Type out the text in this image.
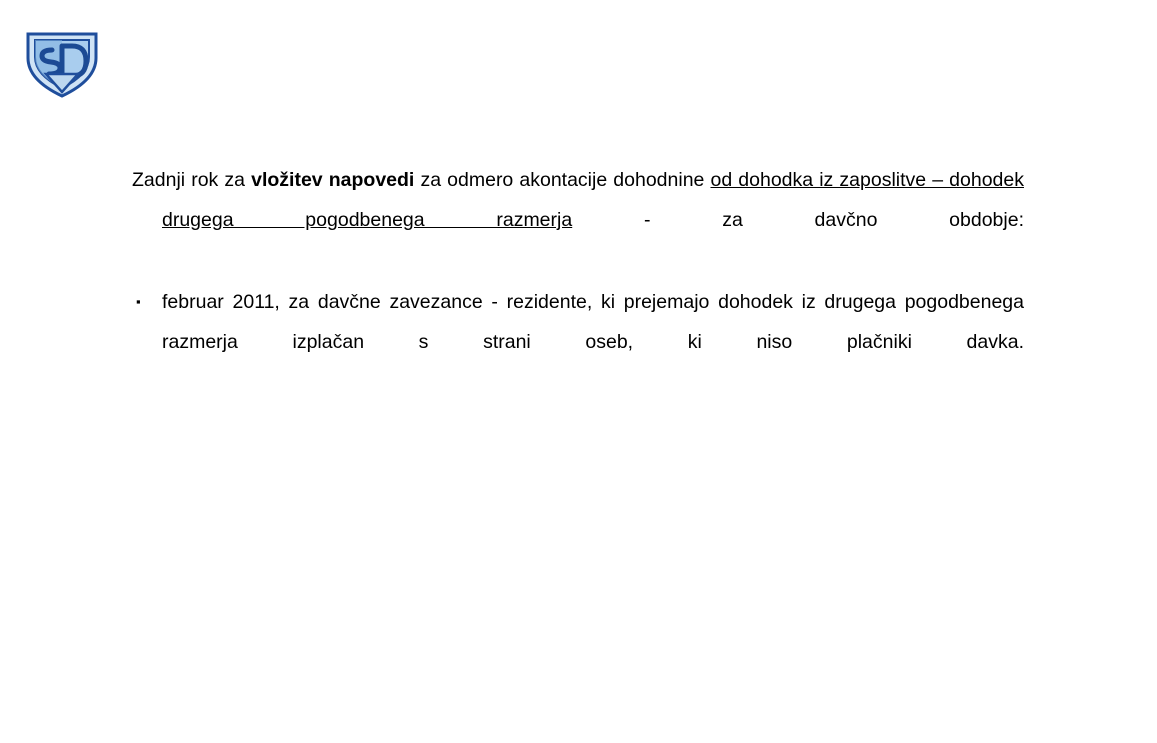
Zadnji rok za vložitev napovedi za odmero akontacije dohodnine od dohodka iz zaposlitve – dohodek drugega pogodbenega razmerja - za davčno obdobje:

▪ februar 2011, za davčne zavezance - rezidente, ki prejemajo dohodek iz drugega pogodbenega razmerja izplačan s strani oseb, ki niso plačniki davka.
